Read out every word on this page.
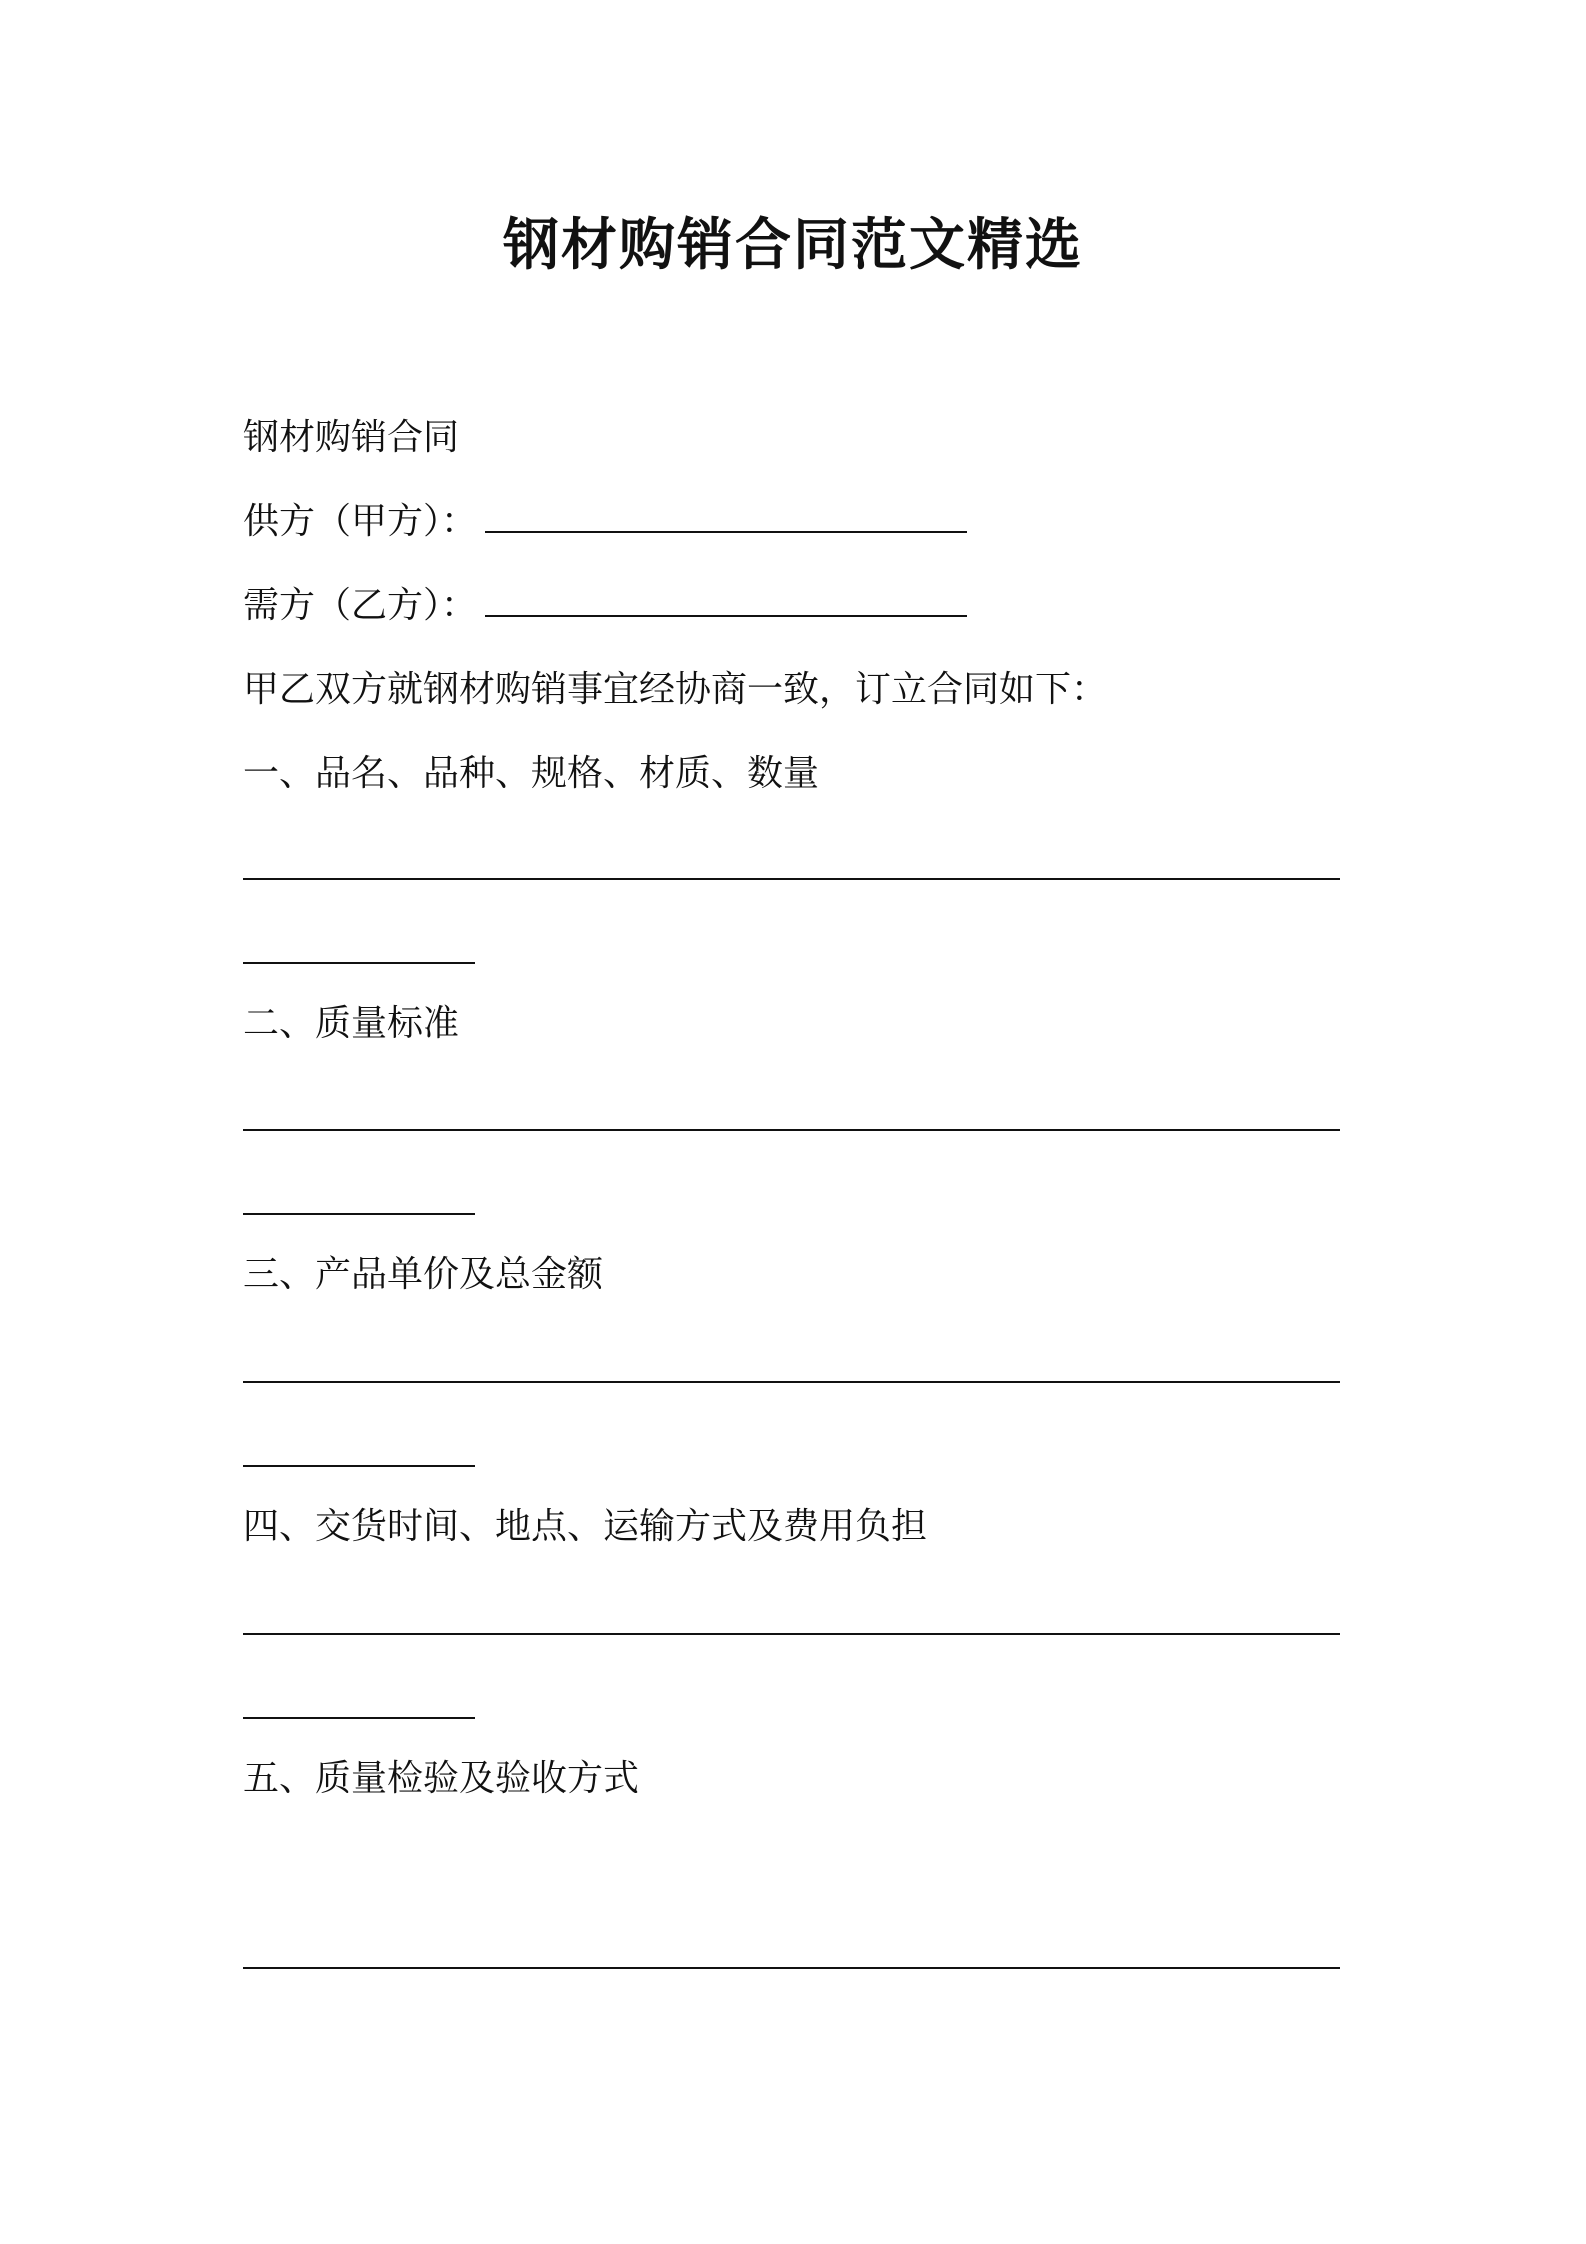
钢材购销合同范文精选
钢材购销合同
供方（甲方）：
需方（乙方）：
甲乙双方就钢材购销事宜经协商一致，订立合同如下：
一、品名、品种、规格、材质、数量
二、质量标准
三、产品单价及总金额
四、交货时间、地点、运输方式及费用负担
五、质量检验及验收方式
